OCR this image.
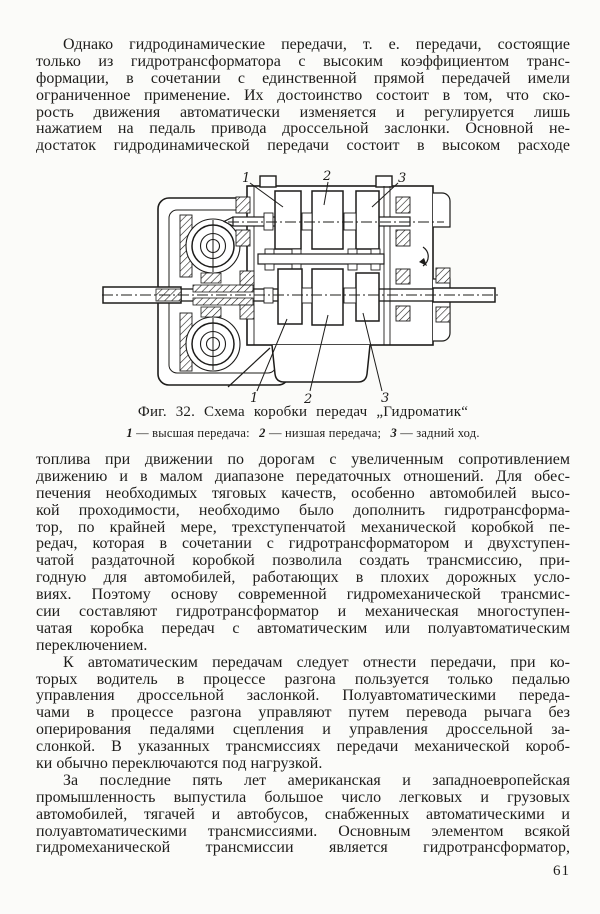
Однако гидродинамические передачи, т. е. передачи, состоящие
только из гидротрансформатора с высоким коэффициентом транс-
формации, в сочетании с единственной прямой передачей имели
ограниченное применение. Их достоинство состоит в том, что ско-
рость движения автоматически изменяется и регулируется лишь
нажатием на педаль привода дроссельной заслонки. Основной не-
достаток гидродинамической передачи состоит в высоком расходе
1	2	3
1	2	3
Фиг. 32. Схема коробки передач „Гидроматик“
1 — высшая передача: 2 — низшая передача; 3 — задний ход.
топлива при движении по дорогам с увеличенным сопротивлением
движению и в малом диапазоне передаточных отношений. Для обес-
печения необходимых тяговых качеств, особенно автомобилей высо-
кой проходимости, необходимо было дополнить гидротрансформа-
тор, по крайней мере, трехступенчатой механической коробкой пе-
редач, которая в сочетании с гидротрансформатором и двухступен-
чатой раздаточной коробкой позволила создать трансмиссию, при-
годную для автомобилей, работающих в плохих дорожных усло-
виях. Поэтому основу современной гидромеханической трансмис-
сии составляют гидротрансформатор и механическая многоступен-
чатая коробка передач с автоматическим или полуавтоматическим
переключением.
К автоматическим передачам следует отнести передачи, при ко-
торых водитель в процессе разгона пользуется только педалью
управления дроссельной заслонкой. Полуавтоматическими переда-
чами в процессе разгона управляют путем перевода рычага без
оперирования педалями сцепления и управления дроссельной за-
слонкой. В указанных трансмиссиях передачи механической короб-
ки обычно переключаются под нагрузкой.
За последние пять лет американская и западноевропейская
промышленность выпустила большое число легковых и грузовых
автомобилей, тягачей и автобусов, снабженных автоматическими и
полуавтоматическими трансмиссиями. Основным элементом всякой
гидромеханической трансмиссии является гидротрансформатор,
61
